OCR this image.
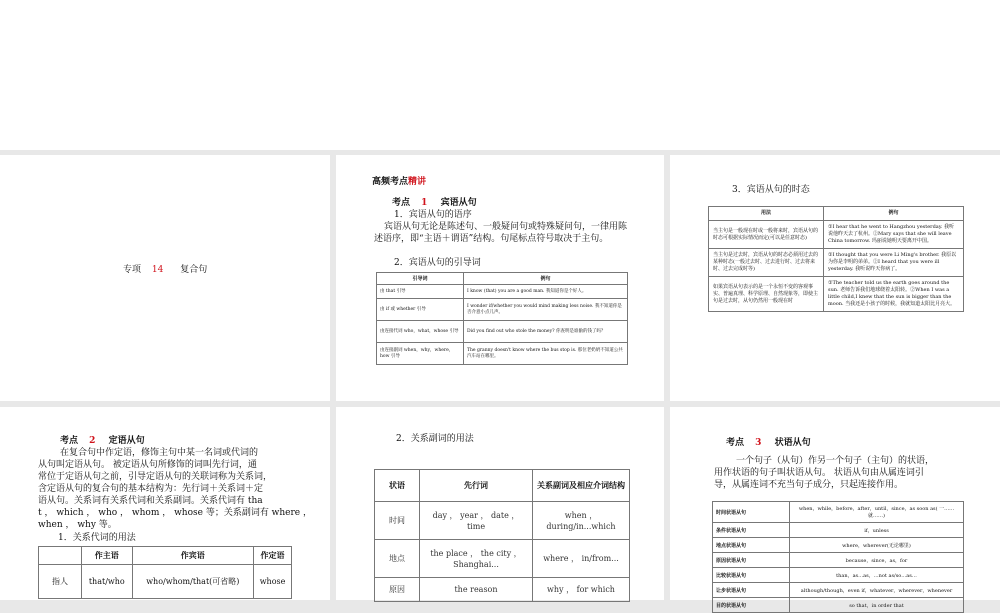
专项 14 复合句
高频考点精讲
考点 1 宾语从句
1．宾语从句的语序
宾语从句无论是陈述句、一般疑问句或特殊疑问句，一律用陈述语序，即“主语＋谓语”结构。句尾标点符号取决于主句。
2．宾语从句的引导词
引导词	例句
由 that 引导	I know (that) you are a good man. 我知道你是个好人。
由 if 或 whether 引导	I wonder if/whether you would mind making less noise. 我不知道你是否介意小点儿声。
由连接代词 who，what，whose 引导	Did you find out who stole the money? 你查明是谁偷的钱了吗？
由连接副词 when，why，where，how 引导	The granny doesn't know where the bus stop is. 那位老奶奶不知道公共汽车站在哪里。
3．宾语从句的时态
用法	例句
当主句是一般现在时或一般将来时，宾语从句的时态可根据实际情况而定(可以是任意时态)	①I hear that he went to Hangzhou yesterday. 我听说他昨天去了杭州。②Mary says that she will leave China tomorrow. 玛丽说她明天要离开中国。
当主句是过去时，宾语从句的时态必须用过去的某种时态(一般过去时、过去进行时、过去将来时、过去完成时等)	①I thought that you were Li Ming's brother. 我原以为你是李明的弟弟。②I heard that you were ill yesterday. 我听说昨天你病了。
如果宾语从句表示的是一个永恒不变的客观事实、普遍真理、科学原理、自然现象等，即使主句是过去时，从句仍然用一般现在时	①The teacher told us the earth goes around the sun. 老师告诉我们地球绕着太阳转。②When I was a little child,I knew that the sun is bigger than the moon. 当我还是小孩子的时候，我就知道太阳比月亮大。
考点 2 定语从句
在复合句中作定语，修饰主句中某一名词或代词的
从句叫定语从句。 被定语从句所修饰的词叫先行词，通
常位于定语从句之前，引导定语从句的关联词称为关系词，
含定语从句的复合句的基本结构为：先行词＋关系词＋定
语从句。关系词有关系代词和关系副词。关系代词有 tha
t ， which ， who ， whom ， whose 等；关系副词有 where ，
when ， why 等。
1．关系代词的用法
	作主语	作宾语	作定语
指人	that/who	who/whom/that(可省略)	whose
2．关系副词的用法
状语	先行词	关系副词及相应介词结构
时间	day ， year ， date ， time	when ， during/in...which
地点	the place ， the city ， Shanghai...	where ， in/from...
原因	the reason	why ， for which
考点 3 状语从句
一个句子（从句）作另一个句子（主句）的状语，
用作状语的句子叫状语从句。 状语从句由从属连词引
导，从属连词不充当句子成分，只起连接作用。
时间状语从句	when，while，before，after，until，since，as soon as( 一……就……)
条件状语从句	if，unless
地点状语从句	where，wherever(无论哪里)
原因状语从句	because，since，as，for
比较状语从句	than，as…as，…not as/so…as…
让步状语从句	although/though，even if，whatever，wherever，whenever
目的状语从句	so that，in order that
